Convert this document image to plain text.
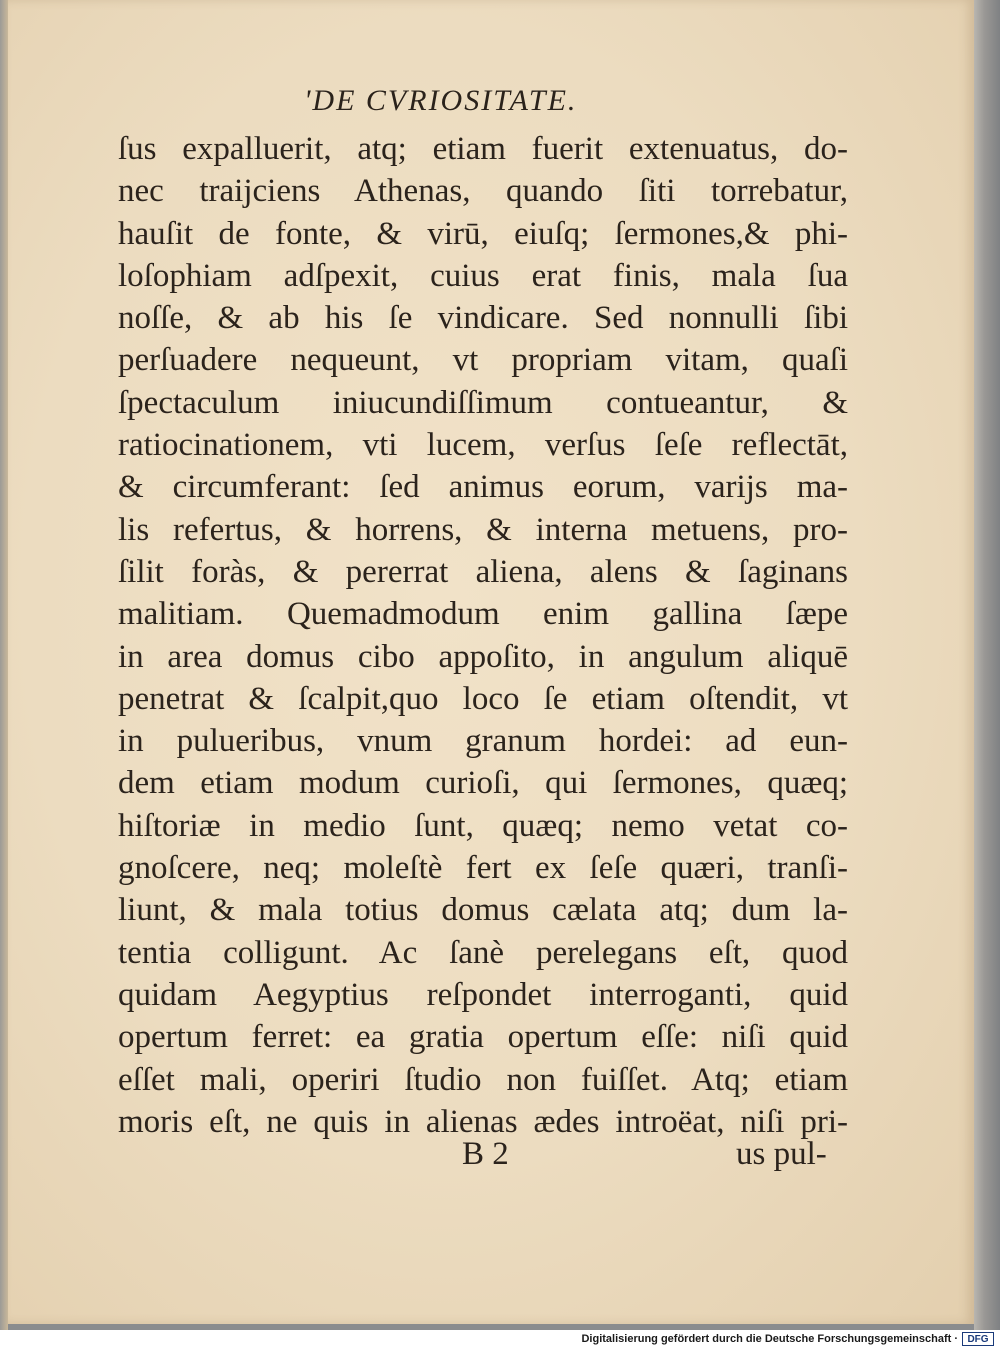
'DE CVRIOSITATE.
ſus expalluerit, atq; etiam fuerit extenuatus, do-
nec traijciens Athenas, quando ſiti torrebatur,
hauſit de fonte, & virū, eiuſq; ſermones,& phi-
loſophiam adſpexit, cuius erat finis, mala ſua
noſſe, & ab his ſe vindicare. Sed nonnulli ſibi
perſuadere nequeunt, vt propriam vitam, quaſi
ſpectaculum iniucundiſſimum contueantur, &
ratiocinationem, vti lucem, verſus ſeſe reflectāt,
& circumferant: ſed animus eorum, varijs ma-
lis refertus, & horrens, & interna metuens, pro-
ſilit foràs, & pererrat aliena, alens & ſaginans
malitiam. Quemadmodum enim gallina ſæpe
in area domus cibo appoſito, in angulum aliquē
penetrat & ſcalpit,quo loco ſe etiam oſtendit, vt
in pulueribus, vnum granum hordei: ad eun-
dem etiam modum curioſi, qui ſermones, quæq;
hiſtoriæ in medio ſunt, quæq; nemo vetat co-
gnoſcere, neq; moleſtè fert ex ſeſe quæri, tranſi-
liunt, & mala totius domus cælata atq; dum la-
tentia colligunt. Ac ſanè perelegans eſt, quod
quidam Aegyptius reſpondet interroganti, quid
opertum ferret: ea gratia opertum eſſe: niſi quid
eſſet mali, operiri ſtudio non fuiſſet. Atq; etiam
moris eſt, ne quis in alienas ædes introëat, niſi pri-
B 2	us pul-
Digitalisierung gefördert durch die Deutsche Forschungsgemeinschaft · DFG
